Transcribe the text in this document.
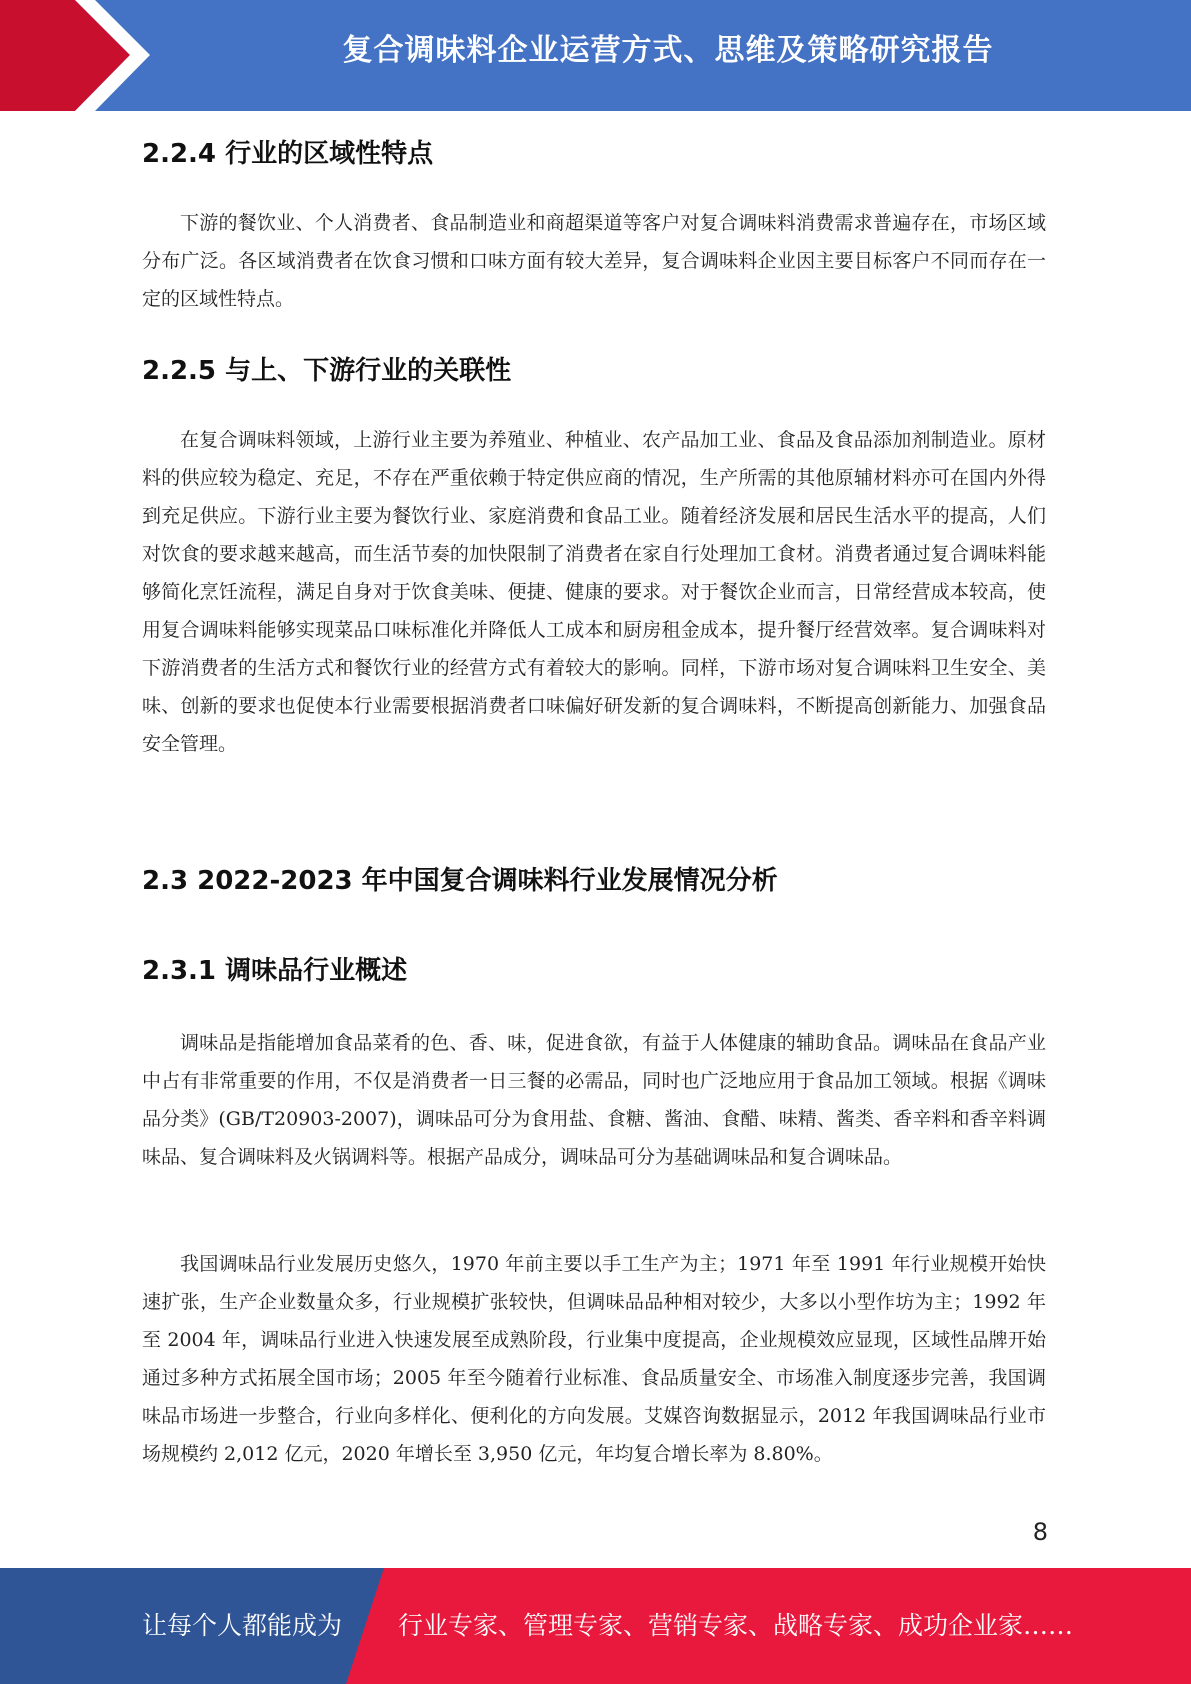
复合调味料企业运营方式、思维及策略研究报告
2.2.4 行业的区域性特点

下游的餐饮业、个人消费者、食品制造业和商超渠道等客户对复合调味料消费需求普遍存在，市场区域分布广泛。各区域消费者在饮食习惯和口味方面有较大差异，复合调味料企业因主要目标客户不同而存在一定的区域性特点。

2.2.5 与上、下游行业的关联性

在复合调味料领域，上游行业主要为养殖业、种植业、农产品加工业、食品及食品添加剂制造业。原材料的供应较为稳定、充足，不存在严重依赖于特定供应商的情况，生产所需的其他原辅材料亦可在国内外得到充足供应。下游行业主要为餐饮行业、家庭消费和食品工业。随着经济发展和居民生活水平的提高，人们对饮食的要求越来越高，而生活节奏的加快限制了消费者在家自行处理加工食材。消费者通过复合调味料能够简化烹饪流程，满足自身对于饮食美味、便捷、健康的要求。对于餐饮企业而言，日常经营成本较高，使用复合调味料能够实现菜品口味标准化并降低人工成本和厨房租金成本，提升餐厅经营效率。复合调味料对下游消费者的生活方式和餐饮行业的经营方式有着较大的影响。同样，下游市场对复合调味料卫生安全、美味、创新的要求也促使本行业需要根据消费者口味偏好研发新的复合调味料，不断提高创新能力、加强食品安全管理。

2.3 2022-2023 年中国复合调味料行业发展情况分析
2.3.1 调味品行业概述

调味品是指能增加食品菜肴的色、香、味，促进食欲，有益于人体健康的辅助食品。调味品在食品产业中占有非常重要的作用，不仅是消费者一日三餐的必需品，同时也广泛地应用于食品加工领域。根据《调味品分类》(GB/T20903-2007)，调味品可分为食用盐、食糖、酱油、食醋、味精、酱类、香辛料和香辛料调味品、复合调味料及火锅调料等。根据产品成分，调味品可分为基础调味品和复合调味品。

我国调味品行业发展历史悠久，1970 年前主要以手工生产为主；1971 年至 1991 年行业规模开始快速扩张，生产企业数量众多，行业规模扩张较快，但调味品品种相对较少，大多以小型作坊为主；1992 年至 2004 年，调味品行业进入快速发展至成熟阶段，行业集中度提高，企业规模效应显现，区域性品牌开始通过多种方式拓展全国市场；2005 年至今随着行业标准、食品质量安全、市场准入制度逐步完善，我国调味品市场进一步整合，行业向多样化、便利化的方向发展。艾媒咨询数据显示，2012 年我国调味品行业市场规模约 2,012 亿元，2020 年增长至 3,950 亿元，年均复合增长率为 8.80%。

8
让每个人都能成为 行业专家、管理专家、营销专家、战略专家、成功企业家……
